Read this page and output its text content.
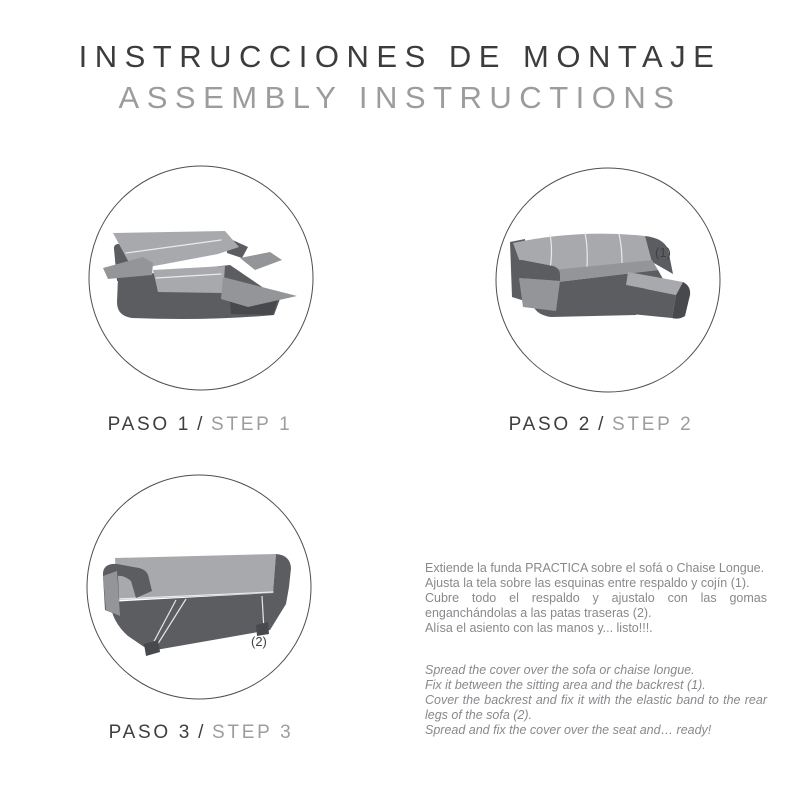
INSTRUCCIONES DE MONTAJE
ASSEMBLY INSTRUCTIONS
(1)
(2)
PASO 1 / STEP 1	PASO 2 / STEP 2
PASO 3 / STEP 3

Extiende la funda PRACTICA sobre el sofá o Chaise Longue.

Ajusta la tela sobre las esquinas entre respaldo y cojín (1).

Cubre todo el respaldo y ajustalo con las gomas enganchándolas a las patas traseras (2).

Alísa el asiento con las manos y... listo!!!.

Spread the cover over the sofa or chaise longue.

Fix it between the sitting area and the backrest (1).

Cover the backrest and fix it with the elastic band to the rear legs of the sofa (2).

Spread and fix the cover over the seat and… ready!
